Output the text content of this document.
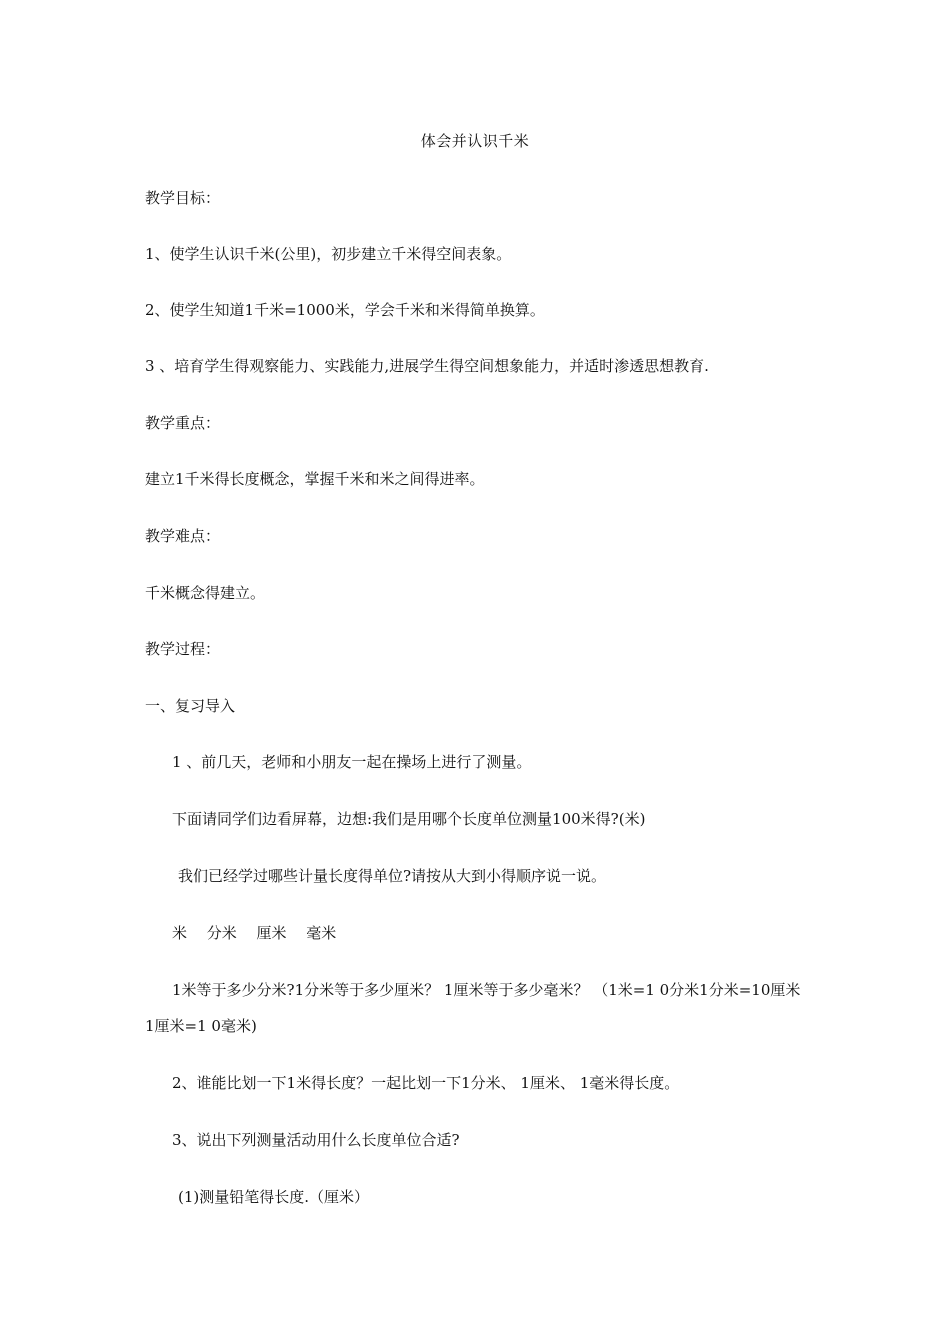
体会并认识千米
教学目标：
1、使学生认识千米(公里)，初步建立千米得空间表象。
2、使学生知道1千米=1000米，学会千米和米得简单换算。
3 、培育学生得观察能力、实践能力,进展学生得空间想象能力，并适时渗透思想教育.
教学重点：
建立1千米得长度概念，掌握千米和米之间得进率。
教学难点：
千米概念得建立。
教学过程：
一、复习导入
1 、前几天，老师和小朋友一起在操场上进行了测量。
下面请同学们边看屏幕，边想:我们是用哪个长度单位测量100米得?(米)
我们已经学过哪些计量长度得单位?请按从大到小得顺序说一说。
米　 分米　 厘米　 毫米
1米等于多少分米?1分米等于多少厘米？ 1厘米等于多少毫米？ （1米=1 0分米1分米=10厘米1厘米=1 0毫米)
2、谁能比划一下1米得长度？一起比划一下1分米、 1厘米、 1毫米得长度。
3、说出下列测量活动用什么长度单位合适?
(1)测量铅笔得长度.（厘米）
